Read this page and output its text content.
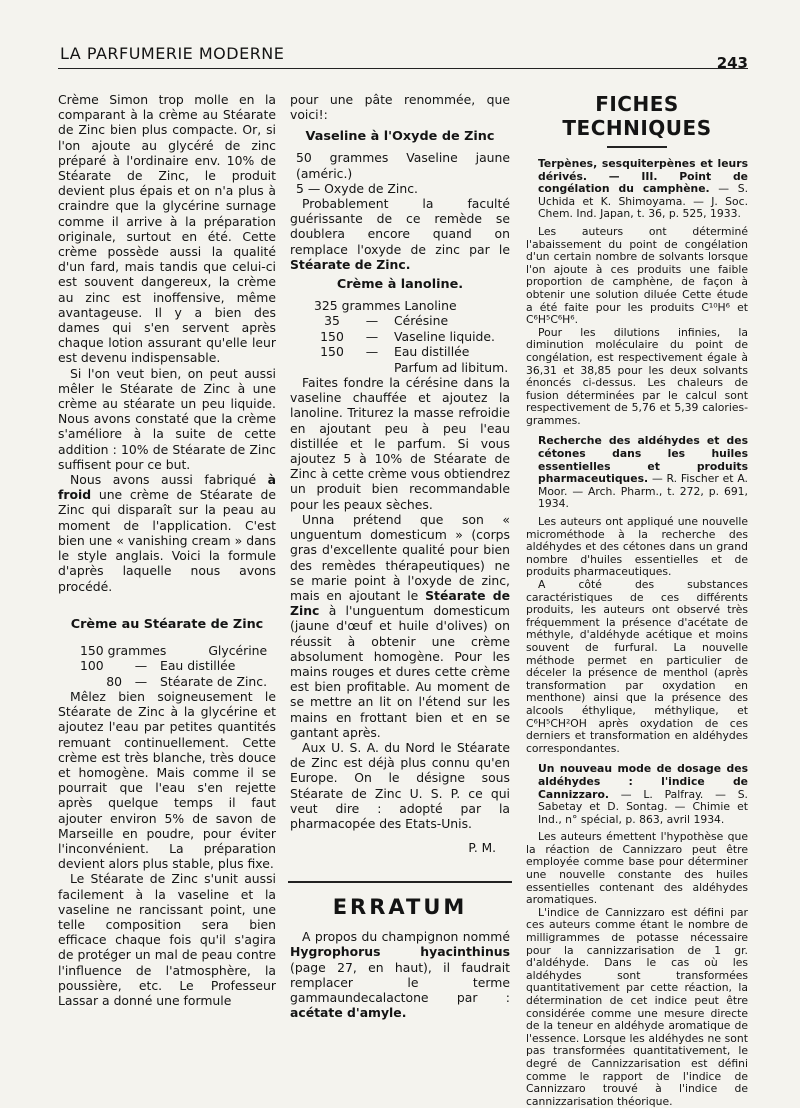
LA PARFUMERIE MODERNE	243

Crème Simon trop molle en la comparant à la crème au Stéarate de Zinc bien plus compacte. Or, si l'on ajoute au glycéré de zinc préparé à l'ordinaire env. 10% de Stéarate de Zinc, le produit devient plus épais et on n'a plus à craindre que la glycérine surnage comme il arrive à la préparation originale, surtout en été. Cette crème possède aussi la qualité d'un fard, mais tandis que celui-ci est souvent dangereux, la crème au zinc est inoffensive, même avantageuse. Il y a bien des dames qui s'en servent après chaque lotion assurant qu'elle leur est devenu indispensable.

Si l'on veut bien, on peut aussi mêler le Stéarate de Zinc à une crème au stéarate un peu liquide. Nous avons constaté que la crème s'améliore à la suite de cette addition : 10% de Stéarate de Zinc suffisent pour ce but.

Nous avons aussi fabriqué à froid une crème de Stéarate de Zinc qui disparaît sur la peau au moment de l'application. C'est bien une « vanishing cream » dans le style anglais. Voici la formule d'après laquelle nous avons procédé.

Crème au Stéarate de Zinc
150 grammes	Glycérine
100	— Eau distillée
80 — Stéarate de Zinc.

Mêlez bien soigneusement le Stéarate de Zinc à la glycérine et ajoutez l'eau par petites quantités remuant continuellement. Cette crème est très blanche, très douce et homogène. Mais comme il se pourrait que l'eau s'en rejette après quelque temps il faut ajouter environ 5% de savon de Marseille en poudre, pour éviter l'inconvénient. La préparation devient alors plus stable, plus fixe.

Le Stéarate de Zinc s'unit aussi facilement à la vaseline et la vaseline ne rancissant point, une telle composition sera bien efficace chaque fois qu'il s'agira de protéger un mal de peau contre l'influence de l'atmosphère, la poussière, etc. Le Professeur Lassar a donné une formule

pour une pâte renommée, que voici!:

Vaseline à l'Oxyde de Zinc

50 grammes Vaseline jaune (améric.)

5 — Oxyde de Zinc.

Probablement la faculté guérissante de ce remède se doublera encore quand on remplace l'oxyde de zinc par le Stéarate de Zinc.

Crème à lanoline.
325 grammes Lanoline
35 — Cérésine
150 — Vaseline liquide.
150 — Eau distillée
Parfum ad libitum.

Faites fondre la cérésine dans la vaseline chauffée et ajoutez la lanoline. Triturez la masse refroidie en ajoutant peu à peu l'eau distillée et le parfum. Si vous ajoutez 5 à 10% de Stéarate de Zinc à cette crème vous obtiendrez un produit bien recommandable pour les peaux sèches.

Unna prétend que son « unguentum domesticum » (corps gras d'excellente qualité pour bien des remèdes thérapeutiques) ne se marie point à l'oxyde de zinc, mais en ajoutant le Stéarate de Zinc à l'unguentum domesticum (jaune d'œuf et huile d'olives) on réussit à obtenir une crème absolument homogène. Pour les mains rouges et dures cette crème est bien profitable. Au moment de se mettre an lit on l'étend sur les mains en frottant bien et en se gantant après.

Aux U. S. A. du Nord le Stéarate de Zinc est déjà plus connu qu'en Europe. On le désigne sous Stéarate de Zinc U. S. P. ce qui veut dire : adopté par la pharmacopée des Etats-Unis.

P. M.
ERRATUM

A propos du champignon nommé Hygrophorus hyacinthinus (page 27, en haut), il faudrait remplacer le terme gammaundecalactone par : acétate d'amyle.

FICHES TECHNIQUES

Terpènes, sesquiterpènes et leurs dérivés. — III. Point de congélation du camphène. — S. Uchida et K. Shimoyama. — J. Soc. Chem. Ind. Japan, t. 36, p. 525, 1933.

Les auteurs ont déterminé l'abaissement du point de congélation d'un certain nombre de solvants lorsque l'on ajoute à ces produits une faible proportion de camphène, de façon à obtenir une solution diluée Cette étude a été faite pour les produits C¹⁰H⁶ et C⁶H⁵C⁶H⁶.

Pour les dilutions infinies, la diminution moléculaire du point de congélation, est respectivement égale à 36,31 et 38,85 pour les deux solvants énoncés ci-dessus. Les chaleurs de fusion déterminées par le calcul sont respectivement de 5,76 et 5,39 calories-grammes.

Recherche des aldéhydes et des cétones dans les huiles essentielles et produits pharmaceutiques. — R. Fischer et A. Moor. — Arch. Pharm., t. 272, p. 691, 1934.

Les auteurs ont appliqué une nouvelle microméthode à la recherche des aldéhydes et des cétones dans un grand nombre d'huiles essentielles et de produits pharmaceutiques.

A côté des substances caractéristiques de ces différents produits, les auteurs ont observé très fréquemment la présence d'acétate de méthyle, d'aldéhyde acétique et moins souvent de furfural. La nouvelle méthode permet en particulier de déceler la présence de menthol (après transformation par oxydation en menthone) ainsi que la présence des alcools éthylique, méthylique, et C⁶H⁵CH²OH après oxydation de ces derniers et transformation en aldéhydes correspondantes.

Un nouveau mode de dosage des aldéhydes : l'indice de Cannizzaro. — L. Palfray. — S. Sabetay et D. Sontag. — Chimie et Ind., n° spécial, p. 863, avril 1934.

Les auteurs émettent l'hypothèse que la réaction de Cannizzaro peut être employée comme base pour déterminer une nouvelle constante des huiles essentielles contenant des aldéhydes aromatiques.

L'indice de Cannizzaro est défini par ces auteurs comme étant le nombre de milligrammes de potasse nécessaire pour la cannizzarisation de 1 gr. d'aldéhyde. Dans le cas où les aldéhydes sont transformées quantitativement par cette réaction, la détermination de cet indice peut être considérée comme une mesure directe de la teneur en aldéhyde aromatique de l'essence. Lorsque les aldéhydes ne sont pas transformées quantitativement, le degré de Cannizzarisation est défini comme le rapport de l'indice de Cannizzaro trouvé à l'indice de cannizzarisation théorique.
